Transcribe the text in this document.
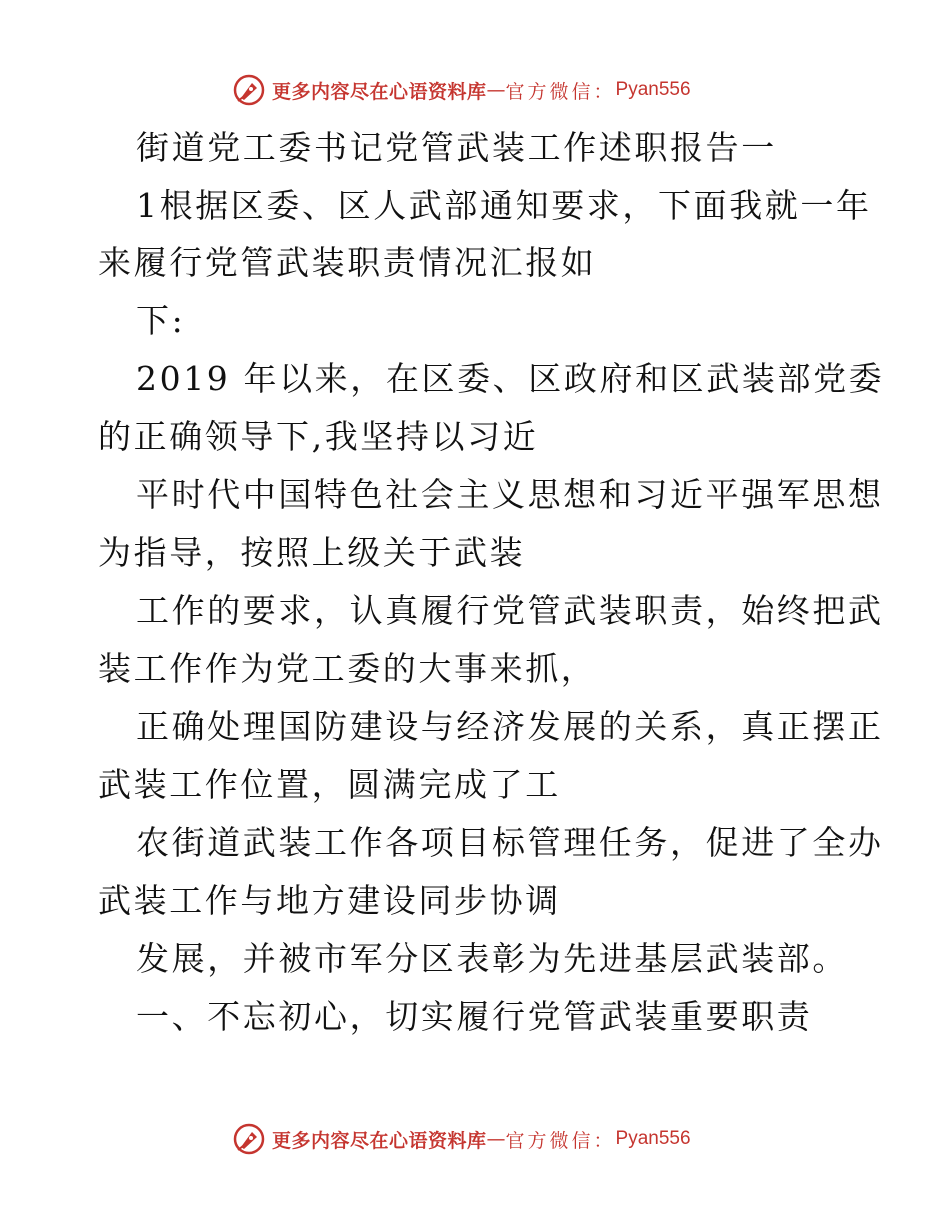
更多内容尽在心语资料库 — 官方微信： Pyan556
街道党工委书记党管武装工作述职报告一
1根据区委、区人武部通知要求，下面我就一年
来履行党管武装职责情况汇报如
下:
2019 年以来，在区委、区政府和区武装部党委
的正确领导下,我坚持以习近
平时代中国特色社会主义思想和习近平强军思想
为指导，按照上级关于武装
工作的要求，认真履行党管武装职责，始终把武
装工作作为党工委的大事来抓，
正确处理国防建设与经济发展的关系，真正摆正
武装工作位置，圆满完成了工
农街道武装工作各项目标管理任务，促进了全办
武装工作与地方建设同步协调
发展，并被市军分区表彰为先进基层武装部。
一、不忘初心，切实履行党管武装重要职责
更多内容尽在心语资料库 — 官方微信： Pyan556
